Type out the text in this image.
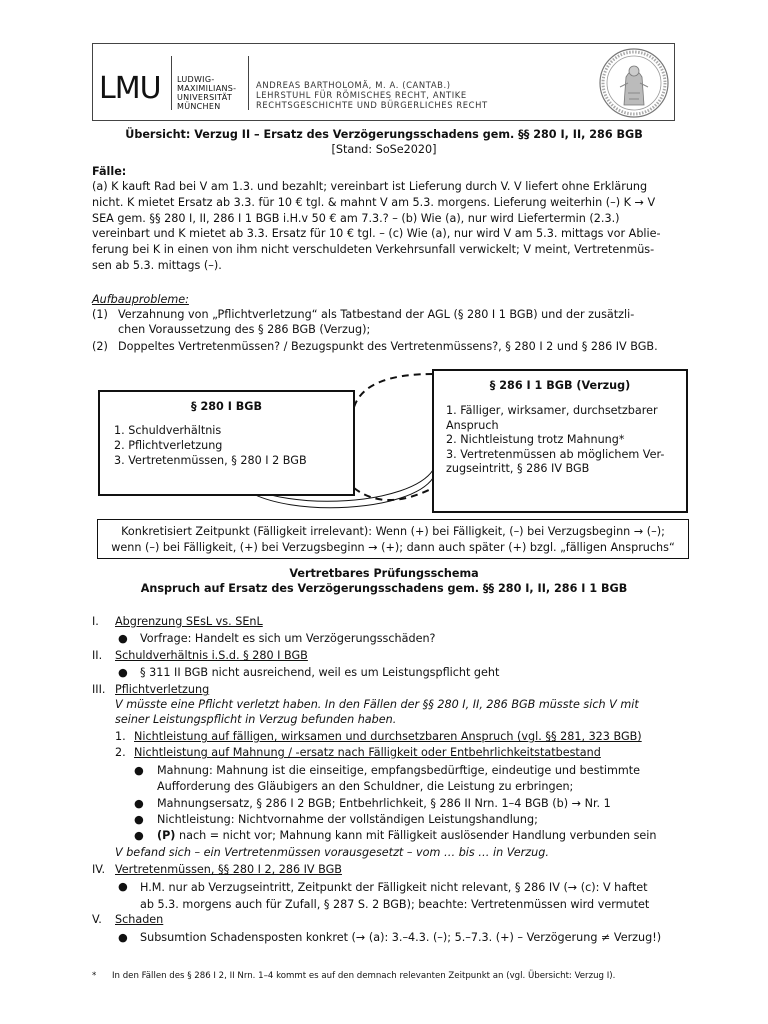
LMU LUDWIG-
MAXIMILIANS-
UNIVERSITÄT
MÜNCHEN
ANDREAS BARTHOLOMÄ, M. A. (CANTAB.)
LEHRSTUHL FÜR RÖMISCHES RECHT, ANTIKE
RECHTSGESCHICHTE UND BÜRGERLICHES RECHT
Übersicht: Verzug II – Ersatz des Verzögerungsschadens gem. §§ 280 I, II, 286 BGB
[Stand: SoSe2020]
Fälle:
(a) K kauft Rad bei V am 1.3. und bezahlt; vereinbart ist Lieferung durch V. V liefert ohne Erklärung
nicht. K mietet Ersatz ab 3.3. für 10 € tgl. & mahnt V am 5.3. morgens. Lieferung weiterhin (–) K → V
SEA gem. §§ 280 I, II, 286 I 1 BGB i.H.v 50 € am 7.3.? – (b) Wie (a), nur wird Liefertermin (2.3.)
vereinbart und K mietet ab 3.3. Ersatz für 10 € tgl. – (c) Wie (a), nur wird V am 5.3. mittags vor Ablie-
ferung bei K in einen von ihm nicht verschuldeten Verkehrsunfall verwickelt; V meint, Vertretenmüs-
sen ab 5.3. mittags (–).
Aufbauprobleme:
(1) Verzahnung von „Pflichtverletzung“ als Tatbestand der AGL (§ 280 I 1 BGB) und der zusätzli-
chen Voraussetzung des § 286 BGB (Verzug);
(2) Doppeltes Vertretenmüssen? / Bezugspunkt des Vertretenmüssens?, § 280 I 2 und § 286 IV BGB.
§ 280 I BGB
1. Schuldverhältnis
2. Pflichtverletzung
3. Vertretenmüssen, § 280 I 2 BGB
§ 286 I 1 BGB (Verzug)
1. Fälliger, wirksamer, durchsetzbarer
Anspruch
2. Nichtleistung trotz Mahnung*
3. Vertretenmüssen ab möglichem Ver-
zugseintritt, § 286 IV BGB
Konkretisiert Zeitpunkt (Fälligkeit irrelevant): Wenn (+) bei Fälligkeit, (–) bei Verzugsbeginn → (–);
wenn (–) bei Fälligkeit, (+) bei Verzugsbeginn → (+); dann auch später (+) bzgl. „fälligen Anspruchs“
Vertretbares Prüfungsschema
Anspruch auf Ersatz des Verzögerungsschadens gem. §§ 280 I, II, 286 I 1 BGB
I. Abgrenzung SEsL vs. SEnL
● Vorfrage: Handelt es sich um Verzögerungsschäden?
II. Schuldverhältnis i.S.d. § 280 I BGB
● § 311 II BGB nicht ausreichend, weil es um Leistungspflicht geht
III. Pflichtverletzung
V müsste eine Pflicht verletzt haben. In den Fällen der §§ 280 I, II, 286 BGB müsste sich V mit
seiner Leistungspflicht in Verzug befunden haben.
1. Nichtleistung auf fälligen, wirksamen und durchsetzbaren Anspruch (vgl. §§ 281, 323 BGB)
2. Nichtleistung auf Mahnung / -ersatz nach Fälligkeit oder Entbehrlichkeitstatbestand
● Mahnung: Mahnung ist die einseitige, empfangsbedürftige, eindeutige und bestimmte
Aufforderung des Gläubigers an den Schuldner, die Leistung zu erbringen;
● Mahnungsersatz, § 286 I 2 BGB; Entbehrlichkeit, § 286 II Nrn. 1–4 BGB (b) → Nr. 1
● Nichtleistung: Nichtvornahme der vollständigen Leistungshandlung;
● (P) nach = nicht vor; Mahnung kann mit Fälligkeit auslösender Handlung verbunden sein
V befand sich – ein Vertretenmüssen vorausgesetzt – vom … bis … in Verzug.
IV. Vertretenmüssen, §§ 280 I 2, 286 IV BGB
● H.M. nur ab Verzugseintritt, Zeitpunkt der Fälligkeit nicht relevant, § 286 IV (→ (c): V haftet
ab 5.3. morgens auch für Zufall, § 287 S. 2 BGB); beachte: Vertretenmüssen wird vermutet
V. Schaden
● Subsumtion Schadensposten konkret (→ (a): 3.–4.3. (–); 5.–7.3. (+) – Verzögerung ≠ Verzug!)
* In den Fällen des § 286 I 2, II Nrn. 1–4 kommt es auf den demnach relevanten Zeitpunkt an (vgl. Übersicht: Verzug I).
